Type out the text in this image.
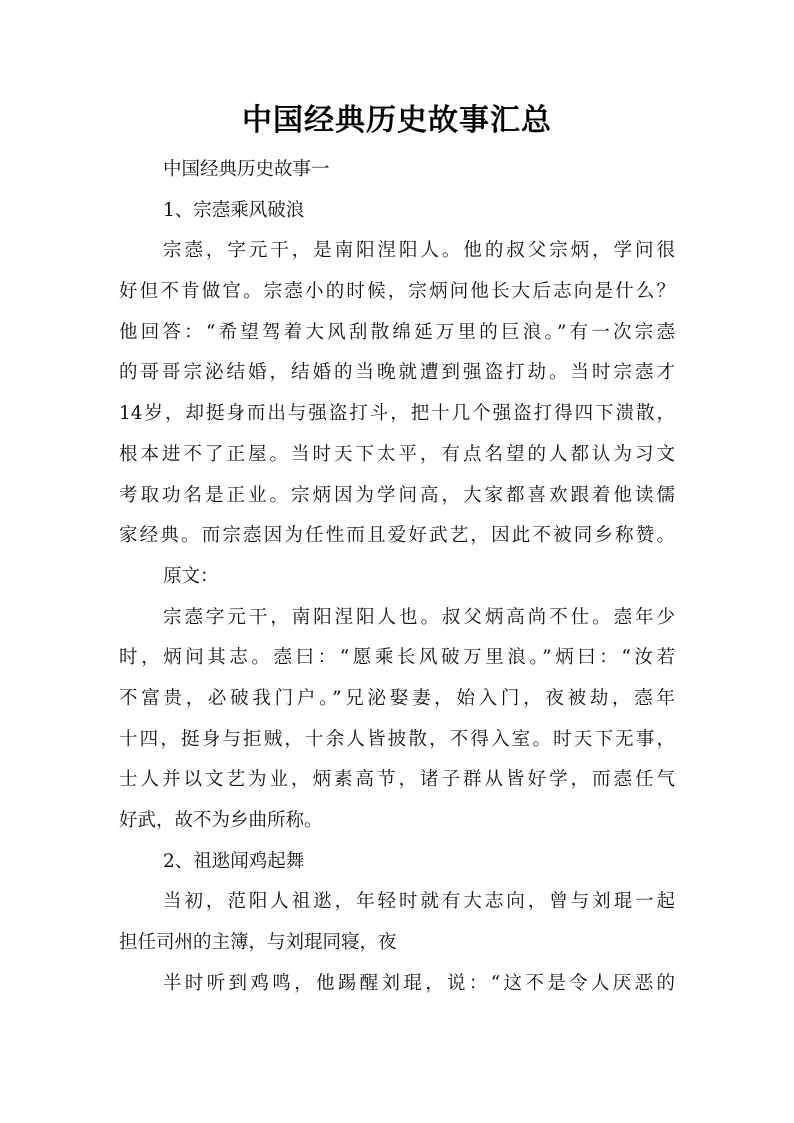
中国经典历史故事汇总
中国经典历史故事一
1、宗悫乘风破浪
宗悫，字元干，是南阳涅阳人。他的叔父宗炳，学问很
好但不肯做官。宗悫小的时候，宗炳问他长大后志向是什么？
他回答：“希望驾着大风刮散绵延万里的巨浪。”有一次宗悫
的哥哥宗泌结婚，结婚的当晚就遭到强盗打劫。当时宗悫才
14岁，却挺身而出与强盗打斗，把十几个强盗打得四下溃散，
根本进不了正屋。当时天下太平，有点名望的人都认为习文
考取功名是正业。宗炳因为学问高，大家都喜欢跟着他读儒
家经典。而宗悫因为任性而且爱好武艺，因此不被同乡称赞。
原文：
宗悫字元干，南阳涅阳人也。叔父炳高尚不仕。悫年少
时，炳问其志。悫曰：“愿乘长风破万里浪。”炳曰：“汝若
不富贵，必破我门户。”兄泌娶妻，始入门，夜被劫，悫年
十四，挺身与拒贼，十余人皆披散，不得入室。时天下无事，
士人并以文艺为业，炳素高节，诸子群从皆好学，而悫任气
好武，故不为乡曲所称。
2、祖逖闻鸡起舞
当初，范阳人祖逖，年轻时就有大志向，曾与刘琨一起
担任司州的主簿，与刘琨同寝，夜
半时听到鸡鸣，他踢醒刘琨，说：“这不是令人厌恶的
